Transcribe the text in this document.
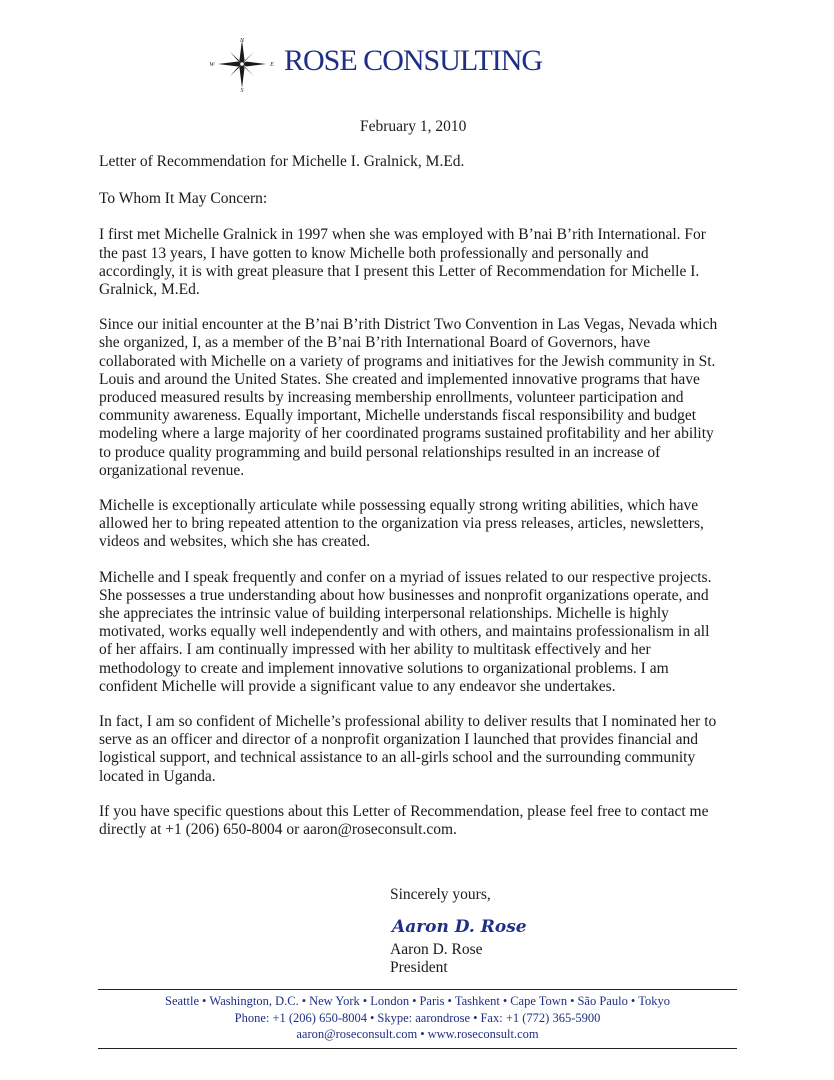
N
S
E
W ROSE CONSULTING
February 1, 2010

Letter of Recommendation for Michelle I. Gralnick, M.Ed.

To Whom It May Concern:

I first met Michelle Gralnick in 1997 when she was employed with B’nai B’rith International. For the past 13 years, I have gotten to know Michelle both professionally and personally and accordingly, it is with great pleasure that I present this Letter of Recommendation for Michelle I. Gralnick, M.Ed.

Since our initial encounter at the B’nai B’rith District Two Convention in Las Vegas, Nevada which she organized, I, as a member of the B’nai B’rith International Board of Governors, have collaborated with Michelle on a variety of programs and initiatives for the Jewish community in St. Louis and around the United States. She created and implemented innovative programs that have produced measured results by increasing membership enrollments, volunteer participation and community awareness. Equally important, Michelle understands fiscal responsibility and budget modeling where a large majority of her coordinated programs sustained profitability and her ability to produce quality programming and build personal relationships resulted in an increase of organizational revenue.

Michelle is exceptionally articulate while possessing equally strong writing abilities, which have allowed her to bring repeated attention to the organization via press releases, articles, newsletters, videos and websites, which she has created.

Michelle and I speak frequently and confer on a myriad of issues related to our respective projects. She possesses a true understanding about how businesses and nonprofit organizations operate, and she appreciates the intrinsic value of building interpersonal relationships. Michelle is highly motivated, works equally well independently and with others, and maintains professionalism in all of her affairs. I am continually impressed with her ability to multitask effectively and her methodology to create and implement innovative solutions to organizational problems. I am confident Michelle will provide a significant value to any endeavor she undertakes.

In fact, I am so confident of Michelle’s professional ability to deliver results that I nominated her to serve as an officer and director of a nonprofit organization I launched that provides financial and logistical support, and technical assistance to an all-girls school and the surrounding community located in Uganda.

If you have specific questions about this Letter of Recommendation, please feel free to contact me directly at +1 (206) 650-8004 or aaron@roseconsult.com.

Sincerely yours,
Aaron D. Rose
Aaron D. Rose
President
Seattle • Washington, D.C. • New York • London • Paris • Tashkent • Cape Town • São Paulo • Tokyo
Phone: +1 (206) 650-8004 • Skype: aarondrose • Fax: +1 (772) 365-5900
aaron@roseconsult.com • www.roseconsult.com
